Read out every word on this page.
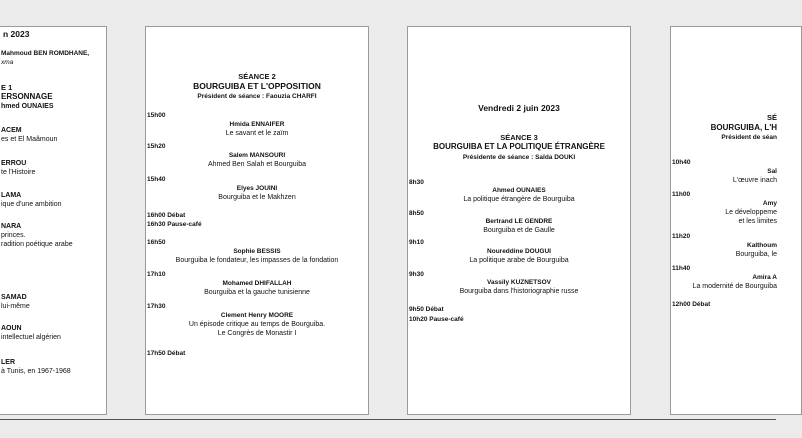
n 2023
Mahmoud BEN ROMDHANE,
xma
E 1
ERSONNAGE
hmed OUNAIES
ACEM
es et El Maâmoun
ERROU
te l'Histoire
LAMA
ique d'une ambition
NARA
princes.
radition poétique arabe
SAMAD
lui-même
AOUN
intellectuel algérien
LER
à Tunis, en 1967-1968
SÉANCE 2
BOURGUIBA ET L'OPPOSITION
Président de séance : Faouzia CHARFI
15h00
Hmida ENNAIFER
Le savant et le zaïm
15h20
Salem MANSOURI
Ahmed Ben Salah et Bourguiba
15h40
Elyes JOUINI
Bourguiba et le Makhzen
16h00 Débat
16h30 Pause-café
16h50
Sophie BESSIS
Bourguiba le fondateur, les impasses de la fondation
17h10
Mohamed DHIFALLAH
Bourguiba et la gauche tunisienne
17h30
Clement Henry MOORE
Un épisode critique au temps de Bourguiba.
Le Congrès de Monastir I
17h50 Débat
Vendredi 2 juin 2023
SÉANCE 3
BOURGUIBA ET LA POLITIQUE ÉTRANGÈRE
Présidente de séance : Saïda DOUKI
8h30
Ahmed OUNAIES
La politique étrangère de Bourguiba
8h50
Bertrand LE GENDRE
Bourguiba et de Gaulle
9h10
Noureddine DOUGUI
La politique arabe de Bourguiba
9h30
Vassily KUZNETSOV
Bourguiba dans l'historiographie russe
9h50 Débat
10h20 Pause-café
SÉ
BOURGUIBA, L'H
Président de séan
10h40
Saï
L'œuvre inach
11h00
Amy
Le développeme
et les limites
11h20
Kalthoum
Bourguiba, le
11h40
Amira A
La modernité de Bourguiba
12h00 Débat
